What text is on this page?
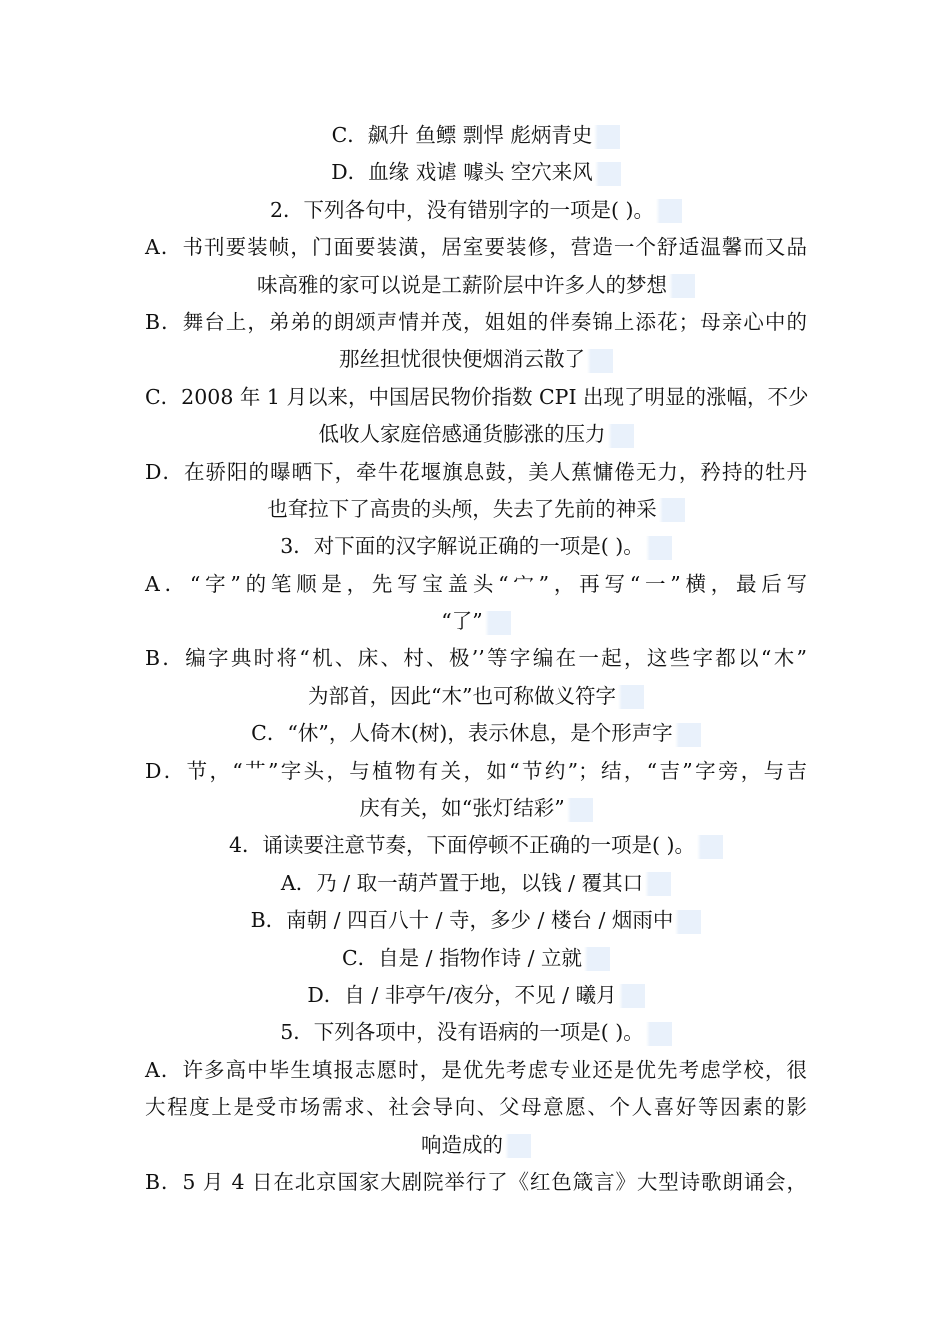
C．飙升 鱼鳔 剽悍 彪炳青史
D．血缘 戏谑 噱头 空穴来风
2．下列各句中，没有错别字的一项是( )。
A．书刊要装帧，门面要装潢，居室要装修，营造一个舒适温馨而又品
味高雅的家可以说是工薪阶层中许多人的梦想
B．舞台上，弟弟的朗颂声情并茂，姐姐的伴奏锦上添花；母亲心中的
那丝担忧很快便烟消云散了
C．2008 年 1 月以来，中国居民物价指数 CPI 出现了明显的涨幅，不少
低收人家庭倍感通货膨涨的压力
D．在骄阳的曝晒下，牵牛花堰旗息鼓，美人蕉慵倦无力，矜持的牡丹
也耷拉下了高贵的头颅，失去了先前的神采
3．对下面的汉字解说正确的一项是( )。
A．“字”的笔顺是，先写宝盖头“宀”，再写“一”横，最后写
“了”
B．编字典时将“机、床、村、极’’等字编在一起，这些字都以“木”
为部首，因此“木”也可称做义符字
C．“休”，人倚木(树)，表示休息，是个形声字
D．节，“艹”字头，与植物有关，如“节约”；结，“吉”字旁，与吉
庆有关，如“张灯结彩”
4．诵读要注意节奏，下面停顿不正确的一项是( )。
A．乃 / 取一葫芦置于地，以钱 / 覆其口
B．南朝 / 四百八十 / 寺，多少 / 楼台 / 烟雨中
C．自是 / 指物作诗 / 立就
D．自 / 非亭午/夜分，不见 / 曦月
5．下列各项中，没有语病的一项是( )。
A．许多高中毕生填报志愿时，是优先考虑专业还是优先考虑学校，很
大程度上是受市场需求、社会导向、父母意愿、个人喜好等因素的影
响造成的
B．5 月 4 日在北京国家大剧院举行了《红色箴言》大型诗歌朗诵会，
